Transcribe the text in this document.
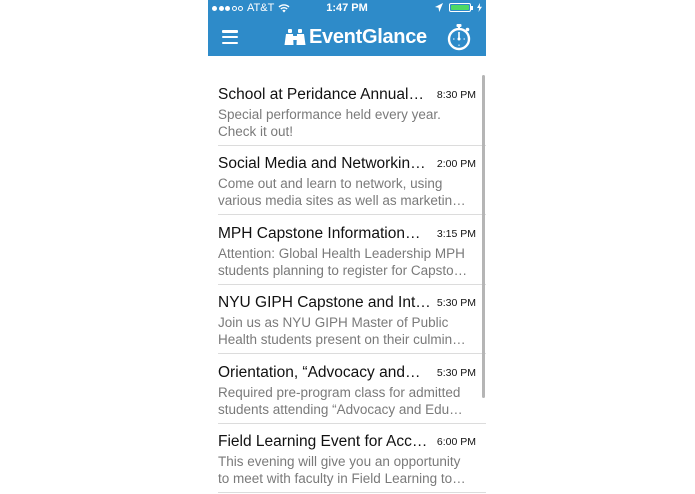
AT&T	1:47 PM
EventGlance
School at Peridance Annual… 8:30 PM
Special performance held every year.
Check it out!
Social Media and Networkin… 2:00 PM
Come out and learn to network, using
various media sites as well as marketin…
MPH Capstone Information… 3:15 PM
Attention: Global Health Leadership MPH
students planning to register for Capsto…
NYU GIPH Capstone and Int… 5:30 PM
Join us as NYU GIPH Master of Public
Health students present on their culmin…
Orientation, “Advocacy and… 5:30 PM
Required pre-program class for admitted
students attending “Advocacy and Edu…
Field Learning Event for Acc… 6:00 PM
This evening will give you an opportunity
to meet with faculty in Field Learning to…
